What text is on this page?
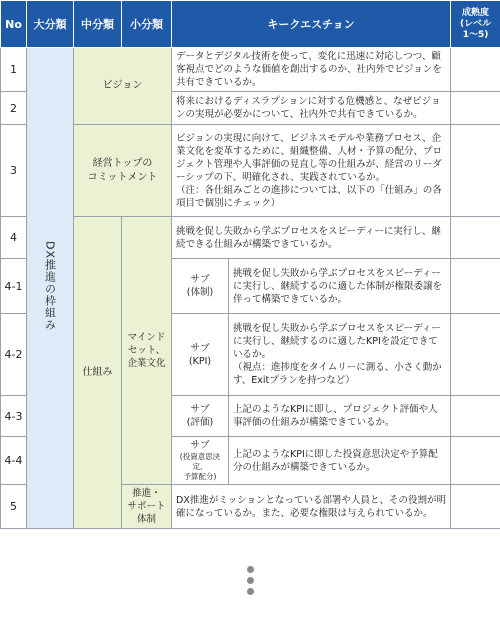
No	大分類	中分類	小分類	キークエスチョン		成熟度
(レベル
1〜5)
1	DX推進の枠組み	ビジョン		データとデジタル技術を使って、変化に迅速に対応しつつ、顧客視点でどのような価値を創出するのか、社内外でビジョンを共有できているか。		
2				将来におけるディスラプションに対する危機感と、なぜビジョンの実現が必要かについて、社内外で共有できているか。		
3		経営トップの
コミットメント		ビジョンの実現に向けて、ビジネスモデルや業務プロセス、企業文化を変革するために、組織整備、人材・予算の配分、プロジェクト管理や人事評価の見直し等の仕組みが、経営のリーダーシップの下、明確化され、実践されているか。
（注：各仕組みごとの進捗については、以下の「仕組み」の各項目で個別にチェック）		
4		仕組み	マインド
セット、
企業文化	挑戦を促し失敗から学ぶプロセスをスピーディーに実行し、継続できる仕組みが構築できているか。		
4-1				サブ
(体制)	挑戦を促し失敗から学ぶプロセスをスピーディーに実行し、継続するのに適した体制が権限委譲を伴って構築できているか。	
4-2				サブ
(KPI)	挑戦を促し失敗から学ぶプロセスをスピーディーに実行し、継続するのに適したKPIを設定できているか。
（視点：進捗度をタイムリーに測る、小さく動かす、Exitプランを持つなど）	
4-3				サブ
(評価)	上記のようなKPIに即し、プロジェクト評価や人事評価の仕組みが構築できているか。	
4-4				サブ
(投資意思決定、
予算配分)	上記のようなKPIに即した投資意思決定や予算配分の仕組みが構築できているか。	
5			推進・
サポート
体制	DX推進がミッションとなっている部署や人員と、その役割が明確になっているか。また、必要な権限は与えられているか。		
